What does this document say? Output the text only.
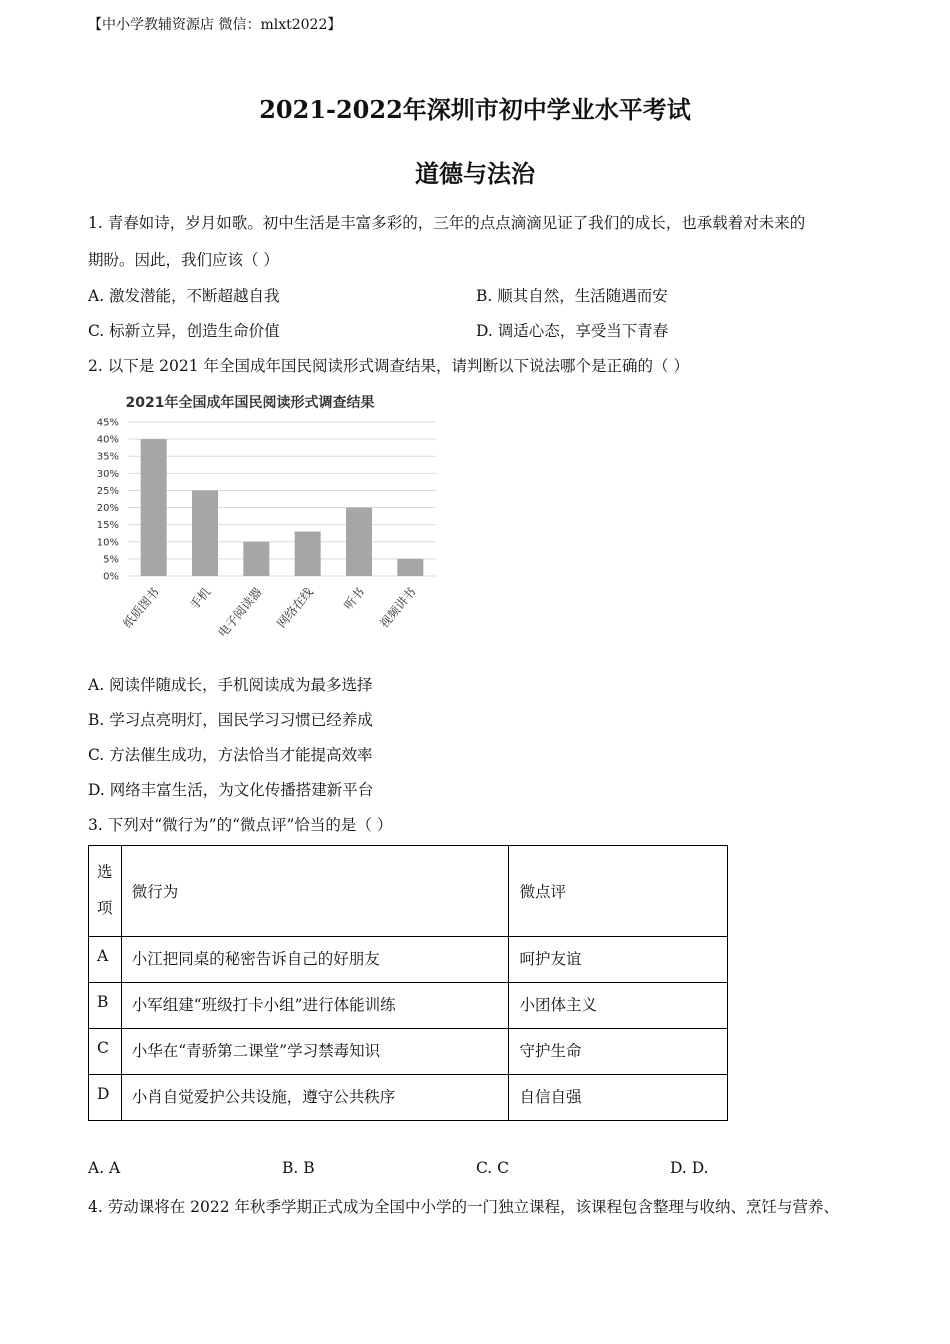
【中小学教辅资源店 微信：mlxt2022】
2021-2022年深圳市初中学业水平考试
道德与法治
1. 青春如诗，岁月如歌。初中生活是丰富多彩的，三年的点点滴滴见证了我们的成长，也承载着对未来的
期盼。因此，我们应该（ ）
A. 激发潜能，不断超越自我	B. 顺其自然，生活随遇而安
C. 标新立异，创造生命价值	D. 调适心态，享受当下青春
2. 以下是 2021 年全国成年国民阅读形式调查结果，请判断以下说法哪个是正确的（ ）
2021年全国成年国民阅读形式调查结果
0%
5%
10%
15%
20%
25%
30%
35%
40%
45%
纸质图书 手机 电子阅读器 网络在线 听书 视频讲书
A. 阅读伴随成长，手机阅读成为最多选择
B. 学习点亮明灯，国民学习习惯已经养成
C. 方法催生成功，方法恰当才能提高效率
D. 网络丰富生活，为文化传播搭建新平台
3. 下列对“微行为”的“微点评”恰当的是（ ）
选
项	微行为	微点评
A	小江把同桌的秘密告诉自己的好朋友	呵护友谊
B	小军组建“班级打卡小组”进行体能训练	小团体主义
C	小华在“青骄第二课堂”学习禁毒知识	守护生命
D	小肖自觉爱护公共设施，遵守公共秩序	自信自强
A. A	B. B	C. C	D. D.
4. 劳动课将在 2022 年秋季学期正式成为全国中小学的一门独立课程，该课程包含整理与收纳、烹饪与营养、
